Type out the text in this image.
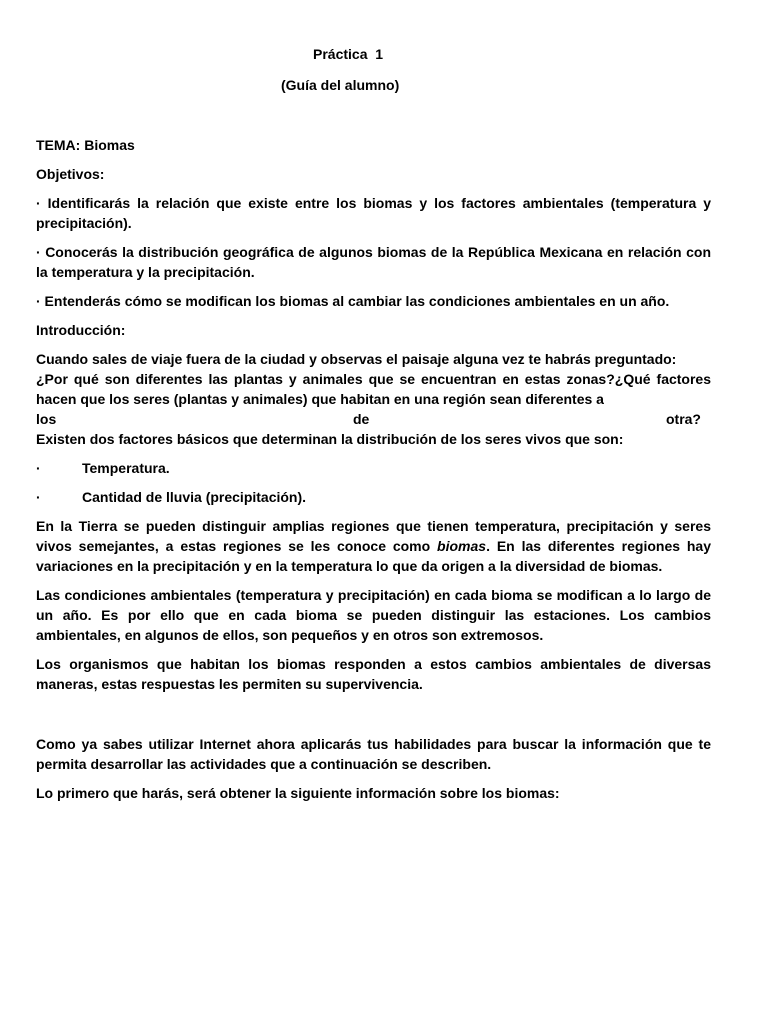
Práctica  1
(Guía del alumno)

TEMA: Biomas

Objetivos:

· Identificarás la relación que existe entre los biomas y los factores ambientales (temperatura y precipitación).

· Conocerás la distribución geográfica de algunos biomas de la República Mexicana en relación con la temperatura y la precipitación.

· Entenderás cómo se modifican los biomas al cambiar las condiciones ambientales en un año.

Introducción:

Cuando sales de viaje fuera de la ciudad y observas el paisaje alguna vez te habrás preguntado:

¿Por qué son diferentes las plantas y animales que se encuentran en estas zonas?¿Qué factores hacen que los seres (plantas y animales) que habitan en una región sean diferentes a

los	de	otra?

Existen dos factores básicos que determinan la distribución de los seres vivos que son:

·	Temperatura.
·	Cantidad de lluvia (precipitación).

En la Tierra se pueden distinguir amplias regiones que tienen temperatura, precipitación y seres vivos semejantes, a estas regiones se les conoce como biomas. En las diferentes regiones hay variaciones en la precipitación y en la temperatura lo que da origen a la diversidad de biomas.

Las condiciones ambientales (temperatura y precipitación) en cada bioma se modifican a lo largo de un año. Es por ello que en cada bioma se pueden distinguir las estaciones. Los cambios ambientales, en algunos de ellos, son pequeños y en otros son extremosos.

Los organismos que habitan los biomas responden a estos cambios ambientales de diversas maneras, estas respuestas les permiten su supervivencia.

Como ya sabes utilizar Internet ahora aplicarás tus habilidades para buscar la información que te permita desarrollar las actividades que a continuación se describen.

Lo primero que harás, será obtener la siguiente información sobre los biomas:
